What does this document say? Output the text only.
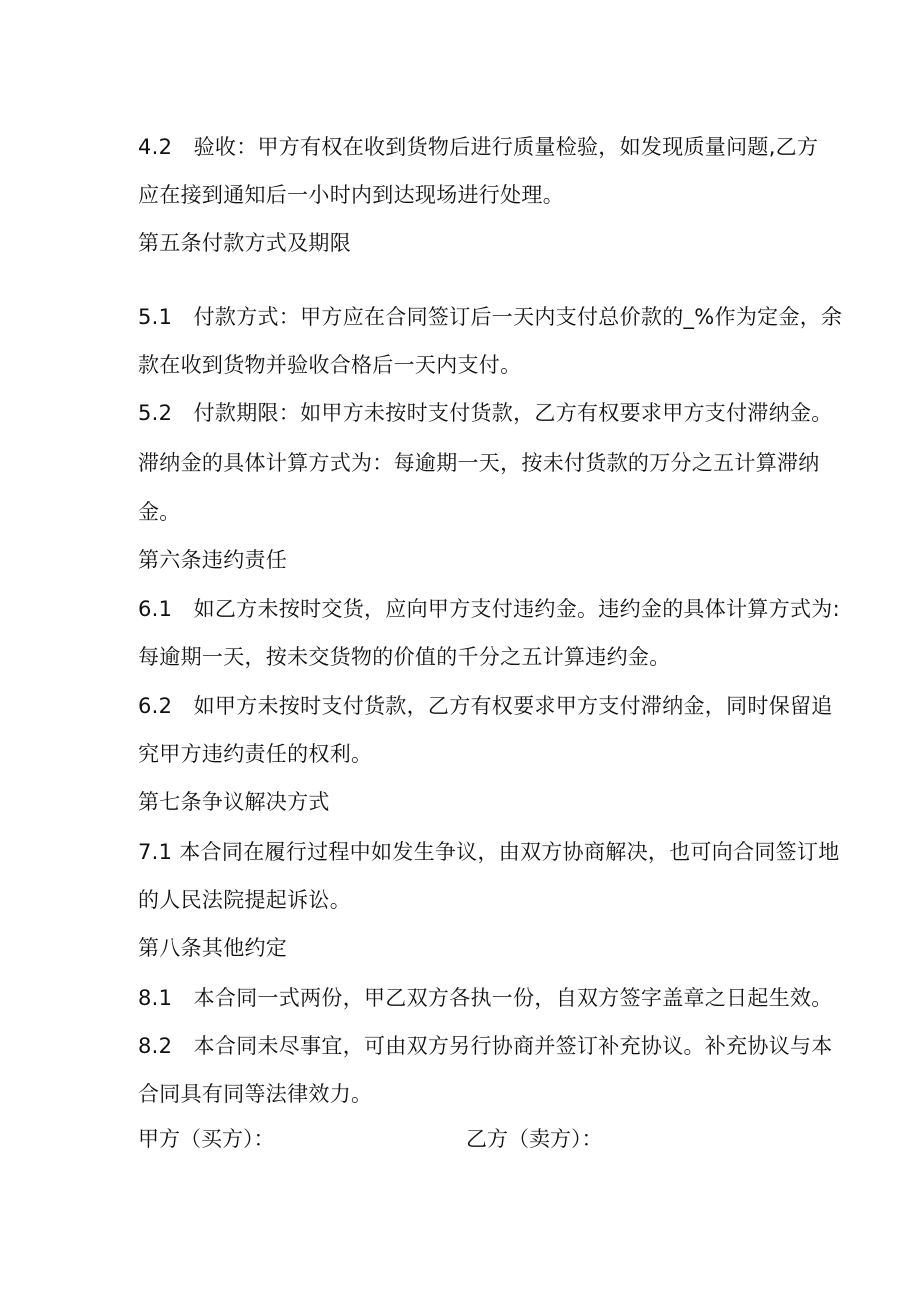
4.2　验收：甲方有权在收到货物后进行质量检验，如发现质量问题,乙方
应在接到通知后一小时内到达现场进行处理。
第五条付款方式及期限
5.1　付款方式：甲方应在合同签订后一天内支付总价款的_%作为定金，余
款在收到货物并验收合格后一天内支付。
5.2　付款期限：如甲方未按时支付货款，乙方有权要求甲方支付滞纳金。
滞纳金的具体计算方式为：每逾期一天，按未付货款的万分之五计算滞纳
金。
第六条违约责任
6.1　如乙方未按时交货，应向甲方支付违约金。违约金的具体计算方式为:
每逾期一天，按未交货物的价值的千分之五计算违约金。
6.2　如甲方未按时支付货款，乙方有权要求甲方支付滞纳金，同时保留追
究甲方违约责任的权利。
第七条争议解决方式
7.1 本合同在履行过程中如发生争议，由双方协商解决，也可向合同签订地
的人民法院提起诉讼。
第八条其他约定
8.1　本合同一式两份，甲乙双方各执一份，自双方签字盖章之日起生效。
8.2　本合同未尽事宜，可由双方另行协商并签订补充协议。补充协议与本
合同具有同等法律效力。
甲方（买方）：	乙方（卖方）：
